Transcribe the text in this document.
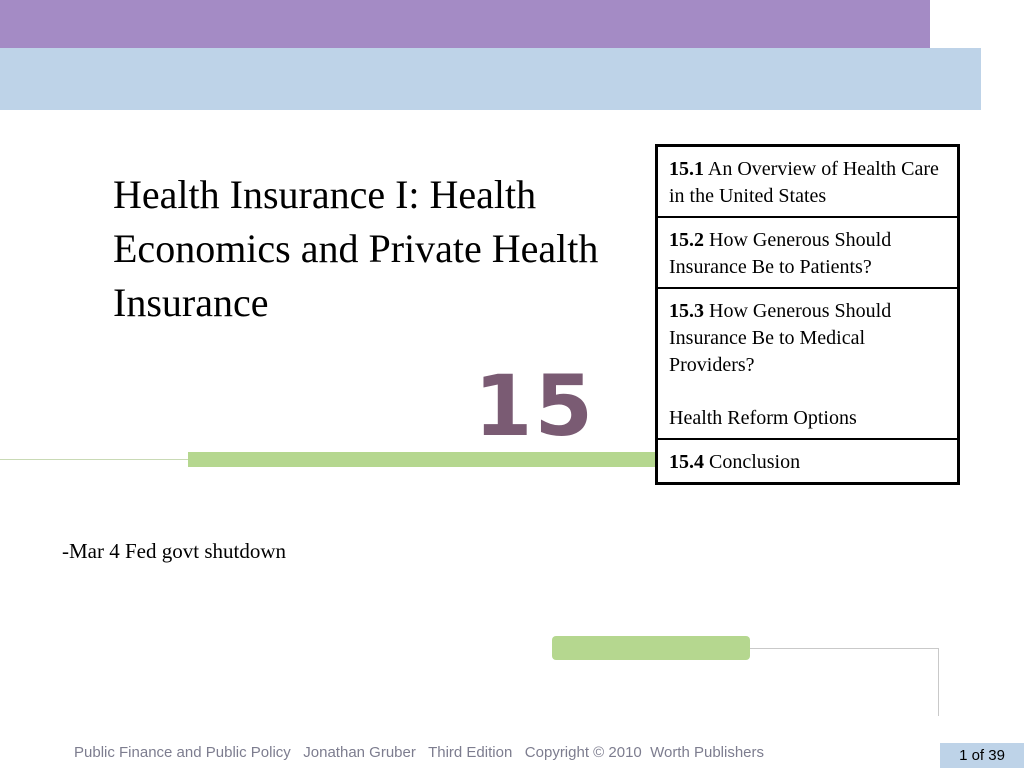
Health Insurance I: Health Economics and Private Health Insurance
15
15.1 An Overview of Health Care in the United States
15.2 How Generous Should Insurance Be to Patients?
15.3 How Generous Should Insurance Be to Medical Providers?
Health Reform Options
15.4 Conclusion
-Mar 4 Fed govt shutdown
Public Finance and Public Policy   Jonathan Gruber   Third Edition   Copyright © 2010  Worth Publishers	1 of 39
